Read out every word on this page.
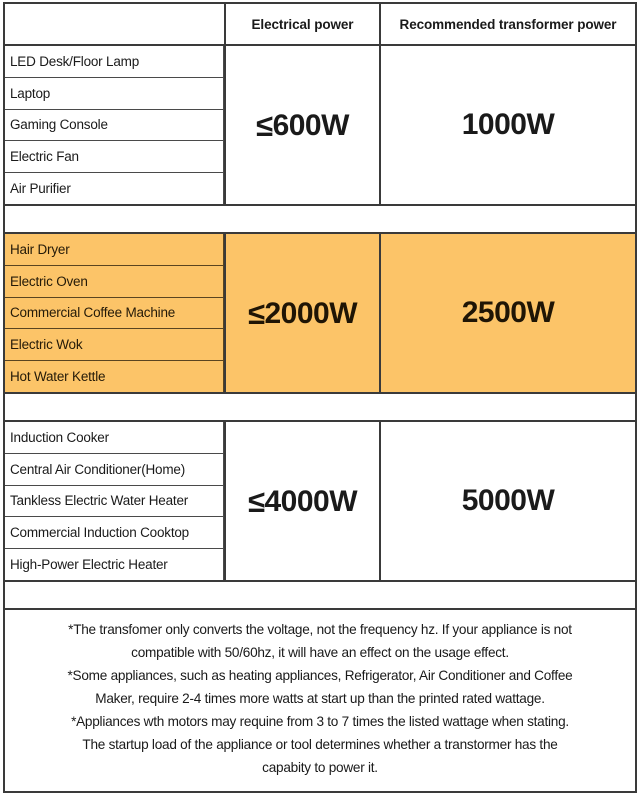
Electrical power	Recommended transformer power
LED Desk/Floor Lamp
Laptop
Gaming Console
Electric Fan
Air Purifier
≤600W	1000W
Hair Dryer
Electric Oven
Commercial Coffee Machine
Electric Wok
Hot Water Kettle
≤2000W	2500W
Induction Cooker
Central Air Conditioner(Home)
Tankless Electric Water Heater
Commercial Induction Cooktop
High-Power Electric Heater
≤4000W	5000W
*The transfomer only converts the voltage, not the frequency hz. If your appliance is not
compatible with 50/60hz, it will have an effect on the usage effect.
*Some appliances, such as heating appliances, Refrigerator, Air Conditioner and Coffee
Maker, require 2-4 times more watts at start up than the printed rated wattage.
*Appliances wth motors may requine from 3 to 7 times the listed wattage when stating.
The startup load of the appliance or tool determines whether a transtormer has the
capabity to power it.
